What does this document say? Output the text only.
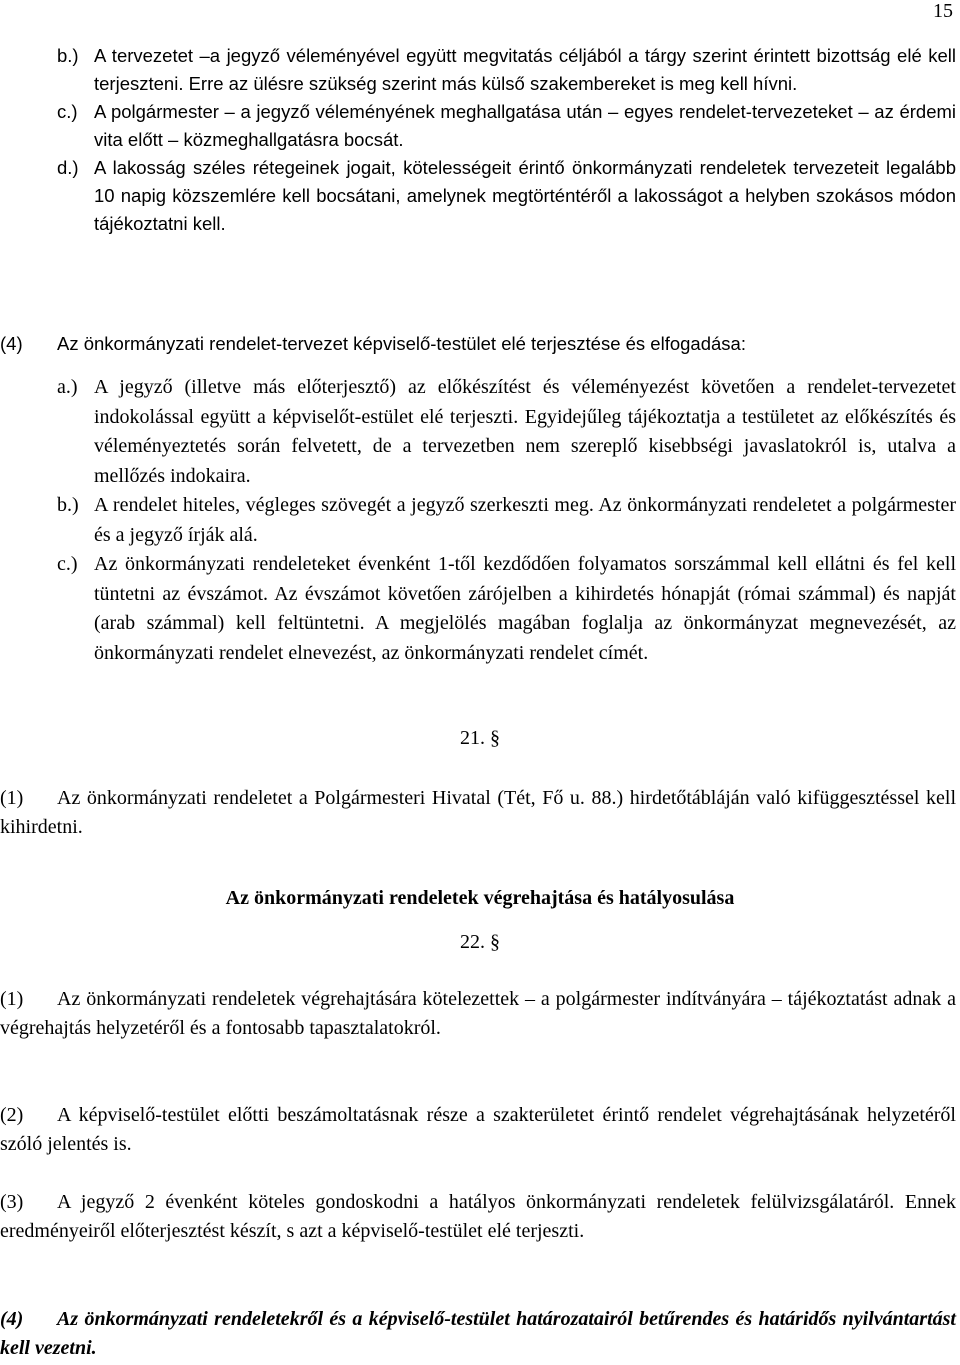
15
b.) A tervezetet –a jegyző véleményével együtt megvitatás céljából a tárgy szerint érintett bizottság elé kell terjeszteni. Erre az ülésre szükség szerint más külső szakembereket is meg kell hívni.
c.) A polgármester – a jegyző véleményének meghallgatása után – egyes rendelet-tervezeteket – az érdemi vita előtt – közmeghallgatásra bocsát.
d.) A lakosság széles rétegeinek jogait, kötelességeit érintő önkormányzati rendeletek tervezeteit legalább 10 napig közszemlére kell bocsátani, amelynek megtörténtéről a lakosságot a helyben szokásos módon tájékoztatni kell.
(4)	Az önkormányzati rendelet-tervezet képviselő-testület elé terjesztése és elfogadása:
a.) A jegyző (illetve más előterjesztő) az előkészítést és véleményezést követően a rendelet-tervezetet indokolással együtt a képviselőt-estület elé terjeszti. Egyidejűleg tájékoztatja a testületet az előkészítés és véleményeztetés során felvetett, de a tervezetben nem szereplő kisebbségi javaslatokról is, utalva a mellőzés indokaira.
b.) A rendelet hiteles, végleges szövegét a jegyző szerkeszti meg. Az önkormányzati rendeletet a polgármester és a jegyző írják alá.
c.) Az önkormányzati rendeleteket évenként 1-től kezdődően folyamatos sorszámmal kell ellátni és fel kell tüntetni az évszámot. Az évszámot követően zárójelben a kihirdetés hónapját (római számmal) és napját (arab számmal) kell feltüntetni. A megjelölés magában foglalja az önkormányzat megnevezését, az önkormányzati rendelet elnevezést, az önkormányzati rendelet címét.
21. §
(1)	Az önkormányzati rendeletet a Polgármesteri Hivatal (Tét, Fő u. 88.) hirdetőtábláján való kifüggesztéssel kell kihirdetni.
Az önkormányzati rendeletek végrehajtása és hatályosulása
22. §
(1)	Az önkormányzati rendeletek végrehajtására kötelezettek – a polgármester indítványára – tájékoztatást adnak a végrehajtás helyzetéről és a fontosabb tapasztalatokról.
(2)	A képviselő-testület előtti beszámoltatásnak része a szakterületet érintő rendelet végrehajtásának helyzetéről szóló jelentés is.
(3)	A jegyző 2 évenként köteles gondoskodni a hatályos önkormányzati rendeletek felülvizsgálatáról. Ennek eredményeiről előterjesztést készít, s azt a képviselő-testület elé terjeszti.
(4)	Az önkormányzati rendeletekről és a képviselő-testület határozatairól betűrendes és határidős nyilvántartást kell vezetni.
